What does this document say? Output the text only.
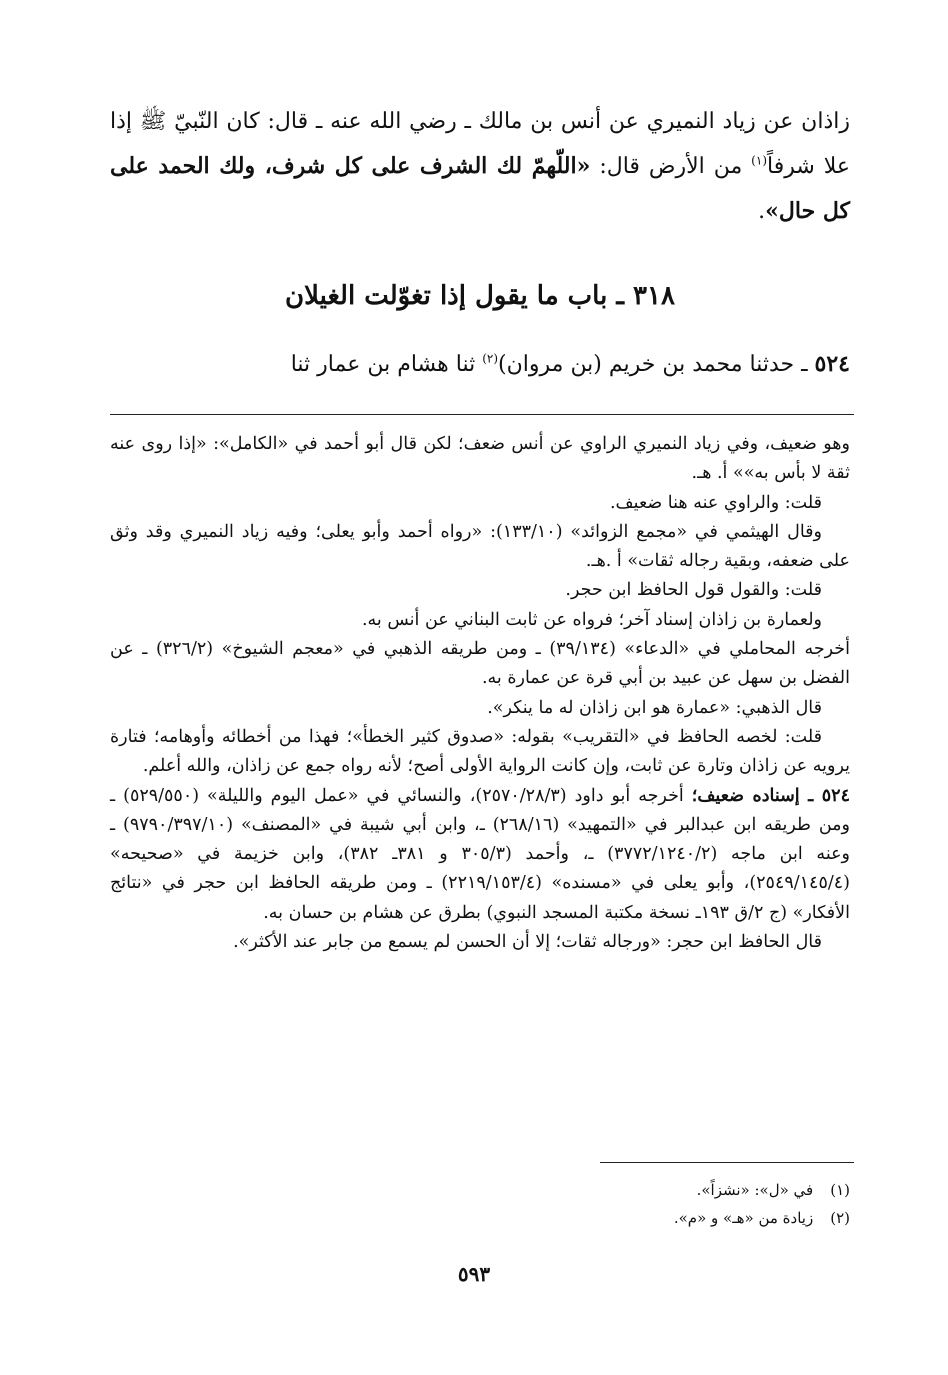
زاذان عن زياد النميري عن أنس بن مالك ـ رضي الله عنه ـ قال: كان النّبيّ ﷺ إذا علا شرفاً$^{(١)}$ من الأرض قال: «اللّهمّ لك الشرف على كل شرف، ولك الحمد على كل حال».

٣١٨ ـ باب ما يقول إذا تغوّلت الغيلان
٥٢٤ ـ حدثنا محمد بن خريم (بن مروان)$^{(٢)}$ ثنا هشام بن عمار ثنا

وهو ضعيف، وفي زياد النميري الراوي عن أنس ضعف؛ لكن قال أبو أحمد في «الكامل»: «إذا روى عنه ثقة لا بأس به»» أ. هـ.

قلت: والراوي عنه هنا ضعيف.

وقال الهيثمي في «مجمع الزوائد» (١٣٣/١٠): «رواه أحمد وأبو يعلى؛ وفيه زياد النميري وقد وثق على ضعفه، وبقية رجاله ثقات» أ .هـ.

قلت: والقول قول الحافظ ابن حجر.

ولعمارة بن زاذان إسناد آخر؛ فرواه عن ثابت البناني عن أنس به.

أخرجه المحاملي في «الدعاء» (٣٩/١٣٤) ـ ومن طريقه الذهبي في «معجم الشيوخ» (٣٢٦/٢) ـ عن الفضل بن سهل عن عبيد بن أبي قرة عن عمارة به.

قال الذهبي: «عمارة هو ابن زاذان له ما ينكر».

قلت: لخصه الحافظ في «التقريب» بقوله: «صدوق كثير الخطأ»؛ فهذا من أخطائه وأوهامه؛ فتارة يرويه عن زاذان وتارة عن ثابت، وإن كانت الرواية الأولى أصح؛ لأنه رواه جمع عن زاذان، والله أعلم.

٥٢٤ ـ إسناده ضعيف؛ أخرجه أبو داود (٢٥٧٠/٢٨/٣)، والنسائي في «عمل اليوم والليلة» (٥٢٩/٥٥٠) ـ ومن طريقه ابن عبدالبر في «التمهيد» (٢٦٨/١٦) ـ، وابن أبي شيبة في «المصنف» (٩٧٩٠/٣٩٧/١٠) ـ وعنه ابن ماجه (٣٧٧٢/١٢٤٠/٢) ـ، وأحمد (٣٠٥/٣ و ٣٨١ـ ٣٨٢)، وابن خزيمة في «صحيحه» (٢٥٤٩/١٤٥/٤)، وأبو يعلى في «مسنده» (٢٢١٩/١٥٣/٤) ـ ومن طريقه الحافظ ابن حجر في «نتائج الأفكار» (ج ٢/ق ١٩٣ـ نسخة مكتبة المسجد النبوي) بطرق عن هشام بن حسان به.

قال الحافظ ابن حجر: «ورجاله ثقات؛ إلا أن الحسن لم يسمع من جابر عند الأكثر».

(١) في «ل»: «نشزاً».

(٢) زيادة من «هـ» و «م».

٥٩٣
